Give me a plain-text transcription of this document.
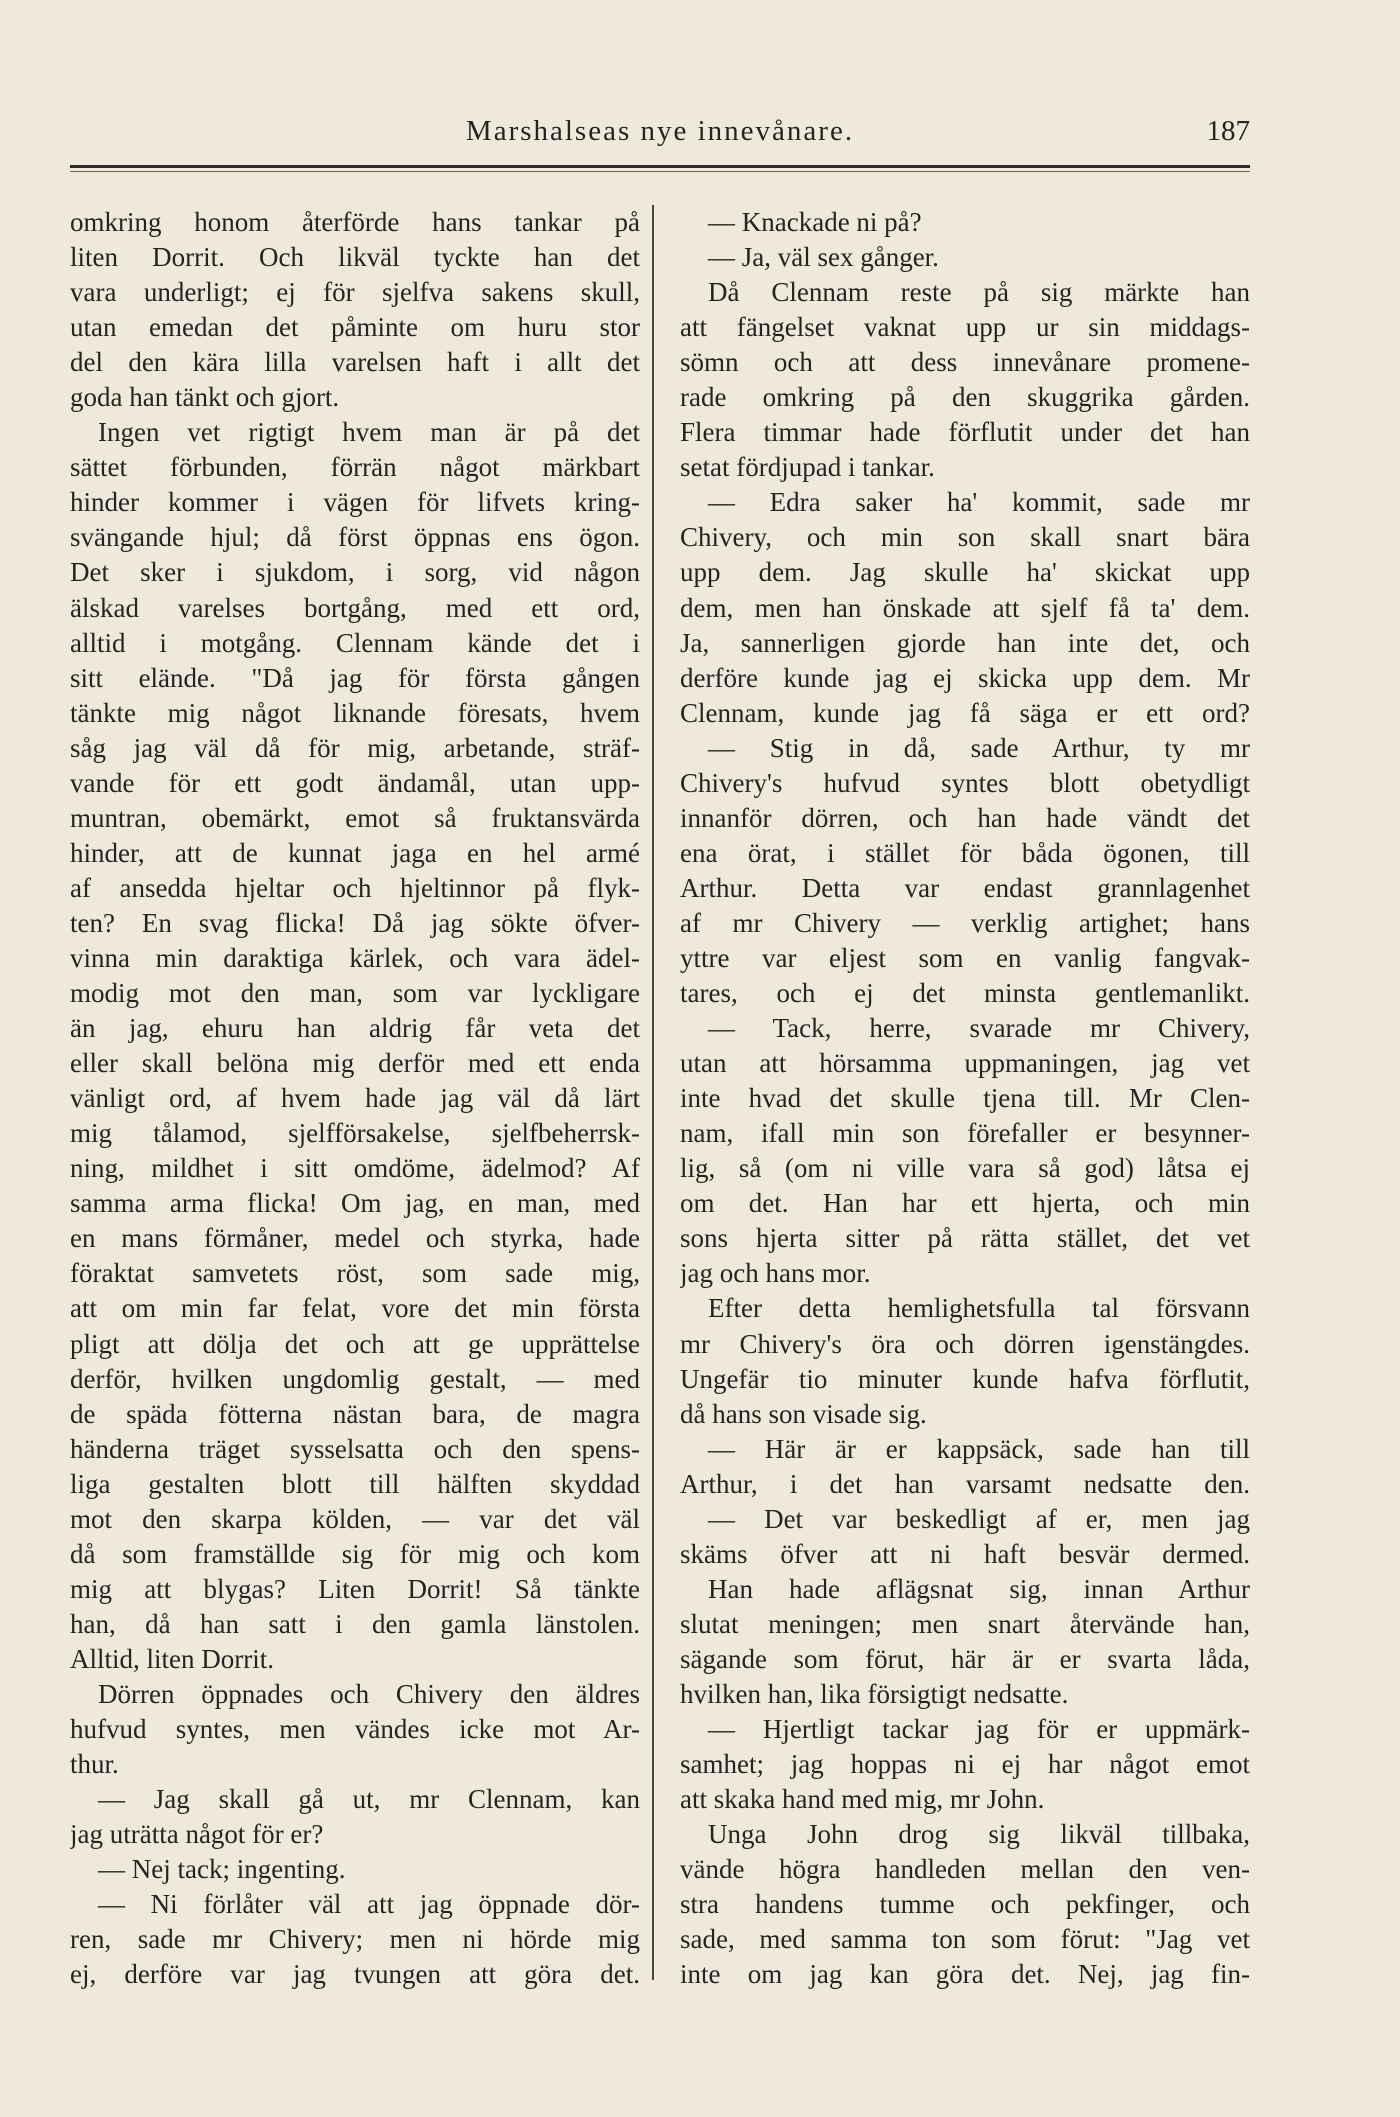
Marshalseas nye innevånare.	187
omkring honom återförde hans tankar på
liten Dorrit. Och likväl tyckte han det
vara underligt; ej för sjelfva sakens skull,
utan emedan det påminte om huru stor
del den kära lilla varelsen haft i allt det
goda han tänkt och gjort.
Ingen vet rigtigt hvem man är på det
sättet förbunden, förrän något märkbart
hinder kommer i vägen för lifvets kring-
svängande hjul; då först öppnas ens ögon.
Det sker i sjukdom, i sorg, vid någon
älskad varelses bortgång, med ett ord,
alltid i motgång. Clennam kände det i
sitt elände. "Då jag för första gången
tänkte mig något liknande föresats, hvem
såg jag väl då för mig, arbetande, sträf-
vande för ett godt ändamål, utan upp-
muntran, obemärkt, emot så fruktansvärda
hinder, att de kunnat jaga en hel armé
af ansedda hjeltar och hjeltinnor på flyk-
ten? En svag flicka! Då jag sökte öfver-
vinna min daraktiga kärlek, och vara ädel-
modig mot den man, som var lyckligare
än jag, ehuru han aldrig får veta det
eller skall belöna mig derför med ett enda
vänligt ord, af hvem hade jag väl då lärt
mig tålamod, sjelfförsakelse, sjelfbeherrsk-
ning, mildhet i sitt omdöme, ädelmod? Af
samma arma flicka! Om jag, en man, med
en mans förmåner, medel och styrka, hade
föraktat samvetets röst, som sade mig,
att om min far felat, vore det min första
pligt att dölja det och att ge upprättelse
derför, hvilken ungdomlig gestalt, — med
de späda fötterna nästan bara, de magra
händerna träget sysselsatta och den spens-
liga gestalten blott till hälften skyddad
mot den skarpa kölden, — var det väl
då som framställde sig för mig och kom
mig att blygas? Liten Dorrit! Så tänkte
han, då han satt i den gamla länstolen.
Alltid, liten Dorrit.
Dörren öppnades och Chivery den äldres
hufvud syntes, men vändes icke mot Ar-
thur.
— Jag skall gå ut, mr Clennam, kan
jag uträtta något för er?
— Nej tack; ingenting.
— Ni förlåter väl att jag öppnade dör-
ren, sade mr Chivery; men ni hörde mig
ej, derföre var jag tvungen att göra det.
— Knackade ni på?
— Ja, väl sex gånger.
Då Clennam reste på sig märkte han
att fängelset vaknat upp ur sin middags-
sömn och att dess innevånare promene-
rade omkring på den skuggrika gården.
Flera timmar hade förflutit under det han
setat fördjupad i tankar.
— Edra saker ha' kommit, sade mr
Chivery, och min son skall snart bära
upp dem. Jag skulle ha' skickat upp
dem, men han önskade att sjelf få ta' dem.
Ja, sannerligen gjorde han inte det, och
derföre kunde jag ej skicka upp dem. Mr
Clennam, kunde jag få säga er ett ord?
— Stig in då, sade Arthur, ty mr
Chivery's hufvud syntes blott obetydligt
innanför dörren, och han hade vändt det
ena örat, i stället för båda ögonen, till
Arthur. Detta var endast grannlagenhet
af mr Chivery — verklig artighet; hans
yttre var eljest som en vanlig fangvak-
tares, och ej det minsta gentlemanlikt.
— Tack, herre, svarade mr Chivery,
utan att hörsamma uppmaningen, jag vet
inte hvad det skulle tjena till. Mr Clen-
nam, ifall min son förefaller er besynner-
lig, så (om ni ville vara så god) låtsa ej
om det. Han har ett hjerta, och min
sons hjerta sitter på rätta stället, det vet
jag och hans mor.
Efter detta hemlighetsfulla tal försvann
mr Chivery's öra och dörren igenstängdes.
Ungefär tio minuter kunde hafva förflutit,
då hans son visade sig.
— Här är er kappsäck, sade han till
Arthur, i det han varsamt nedsatte den.
— Det var beskedligt af er, men jag
skäms öfver att ni haft besvär dermed.
Han hade aflägsnat sig, innan Arthur
slutat meningen; men snart återvände han,
sägande som förut, här är er svarta låda,
hvilken han, lika försigtigt nedsatte.
— Hjertligt tackar jag för er uppmärk-
samhet; jag hoppas ni ej har något emot
att skaka hand med mig, mr John.
Unga John drog sig likväl tillbaka,
vände högra handleden mellan den ven-
stra handens tumme och pekfinger, och
sade, med samma ton som förut: "Jag vet
inte om jag kan göra det. Nej, jag fin-
